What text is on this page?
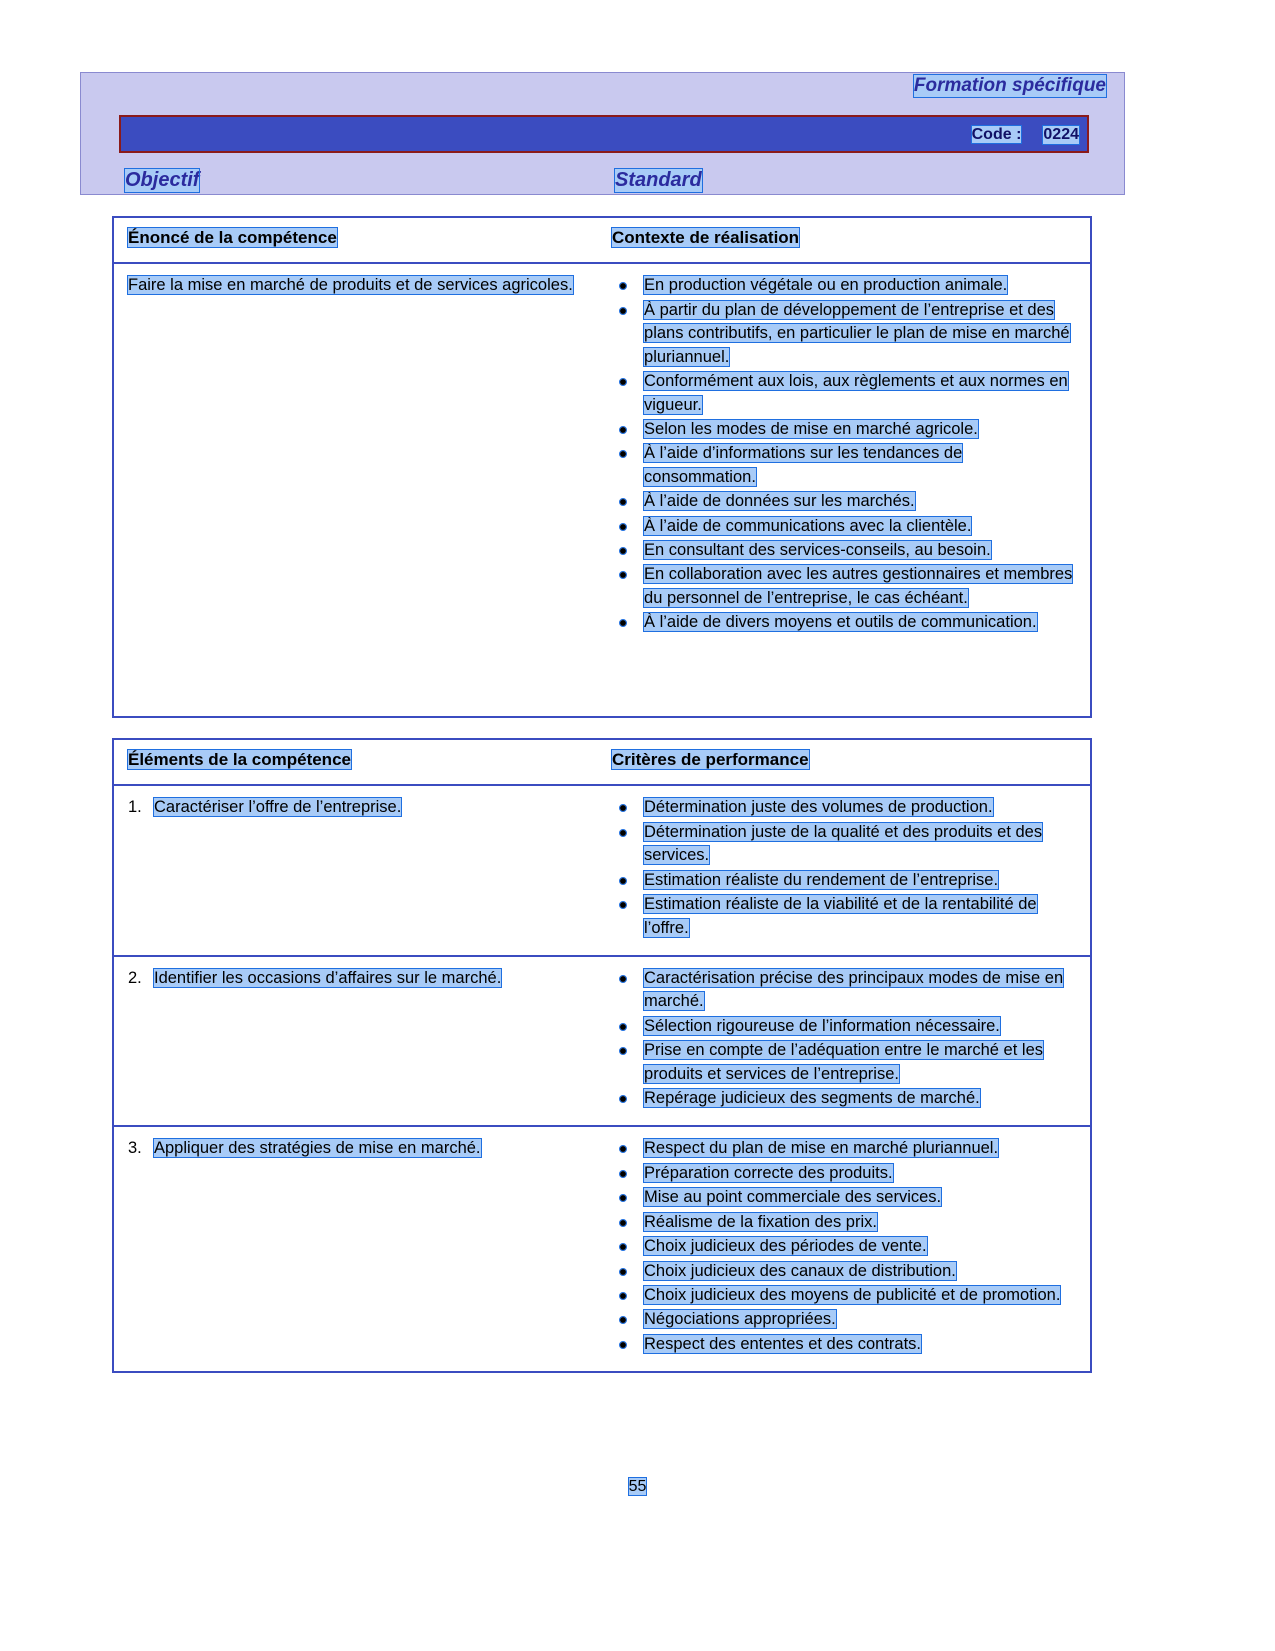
Formation spécifique
Code : 0224
Objectif	Standard
Énoncé de la compétence	Contexte de réalisation
Faire la mise en marché de produits et de services agricoles.	En production végétale ou en production animale.
À partir du plan de développement de l’entreprise et des plans contributifs, en particulier le plan de mise en marché pluriannuel.
Conformément aux lois, aux règlements et aux normes en vigueur.
Selon les modes de mise en marché agricole.
À l’aide d’informations sur les tendances de consommation.
À l’aide de données sur les marchés.
À l’aide de communications avec la clientèle.
En consultant des services-conseils, au besoin.
En collaboration avec les autres gestionnaires et membres du personnel de l’entreprise, le cas échéant.
À l’aide de divers moyens et outils de communication.
Éléments de la compétence	Critères de performance
1. Caractériser l’offre de l’entreprise.	Détermination juste des volumes de production.
Détermination juste de la qualité et des produits et des services.
Estimation réaliste du rendement de l’entreprise.
Estimation réaliste de la viabilité et de la rentabilité de l’offre.
2. Identifier les occasions d’affaires sur le marché.	Caractérisation précise des principaux modes de mise en marché.
Sélection rigoureuse de l’information nécessaire.
Prise en compte de l’adéquation entre le marché et les produits et services de l’entreprise.
Repérage judicieux des segments de marché.
3. Appliquer des stratégies de mise en marché.	Respect du plan de mise en marché pluriannuel.
Préparation correcte des produits.
Mise au point commerciale des services.
Réalisme de la fixation des prix.
Choix judicieux des périodes de vente.
Choix judicieux des canaux de distribution.
Choix judicieux des moyens de publicité et de promotion.
Négociations appropriées.
Respect des ententes et des contrats.
55
